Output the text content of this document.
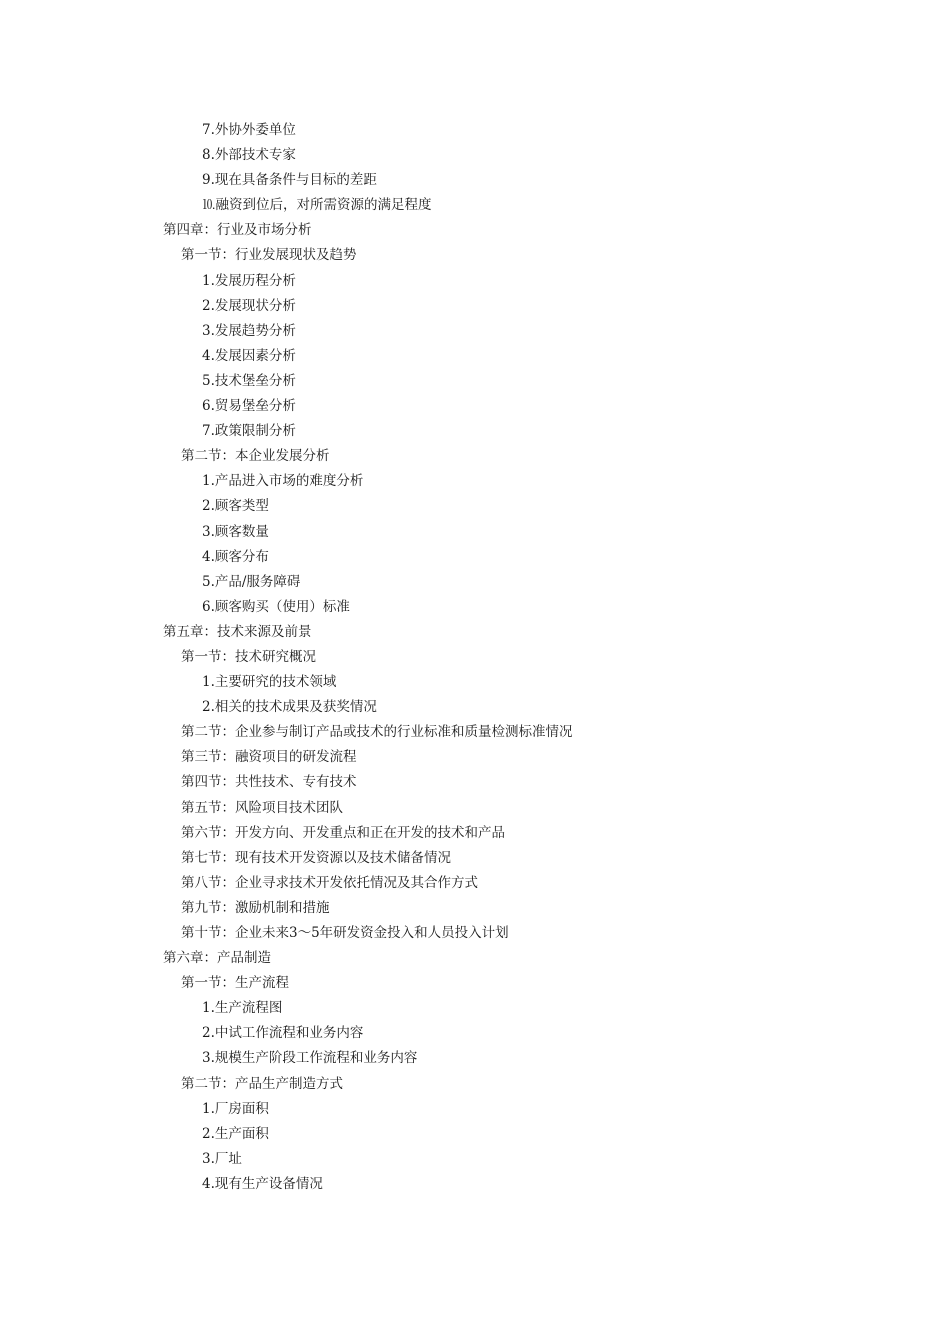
7.外协外委单位
8.外部技术专家
9.现在具备条件与目标的差距
⒑融资到位后，对所需资源的满足程度
第四章：行业及市场分析
第一节：行业发展现状及趋势
1.发展历程分析
2.发展现状分析
3.发展趋势分析
4.发展因素分析
5.技术堡垒分析
6.贸易堡垒分析
7.政策限制分析
第二节：本企业发展分析
1.产品进入市场的难度分析
2.顾客类型
3.顾客数量
4.顾客分布
5.产品/服务障碍
6.顾客购买（使用）标准
第五章：技术来源及前景
第一节：技术研究概况
1.主要研究的技术领域
2.相关的技术成果及获奖情况
第二节：企业参与制订产品或技术的行业标准和质量检测标准情况
第三节：融资项目的研发流程
第四节：共性技术、专有技术
第五节：风险项目技术团队
第六节：开发方向、开发重点和正在开发的技术和产品
第七节：现有技术开发资源以及技术储备情况
第八节：企业寻求技术开发依托情况及其合作方式
第九节：激励机制和措施
第十节：企业未来3～5年研发资金投入和人员投入计划
第六章：产品制造
第一节：生产流程
1.生产流程图
2.中试工作流程和业务内容
3.规模生产阶段工作流程和业务内容
第二节：产品生产制造方式
1.厂房面积
2.生产面积
3.厂址
4.现有生产设备情况
